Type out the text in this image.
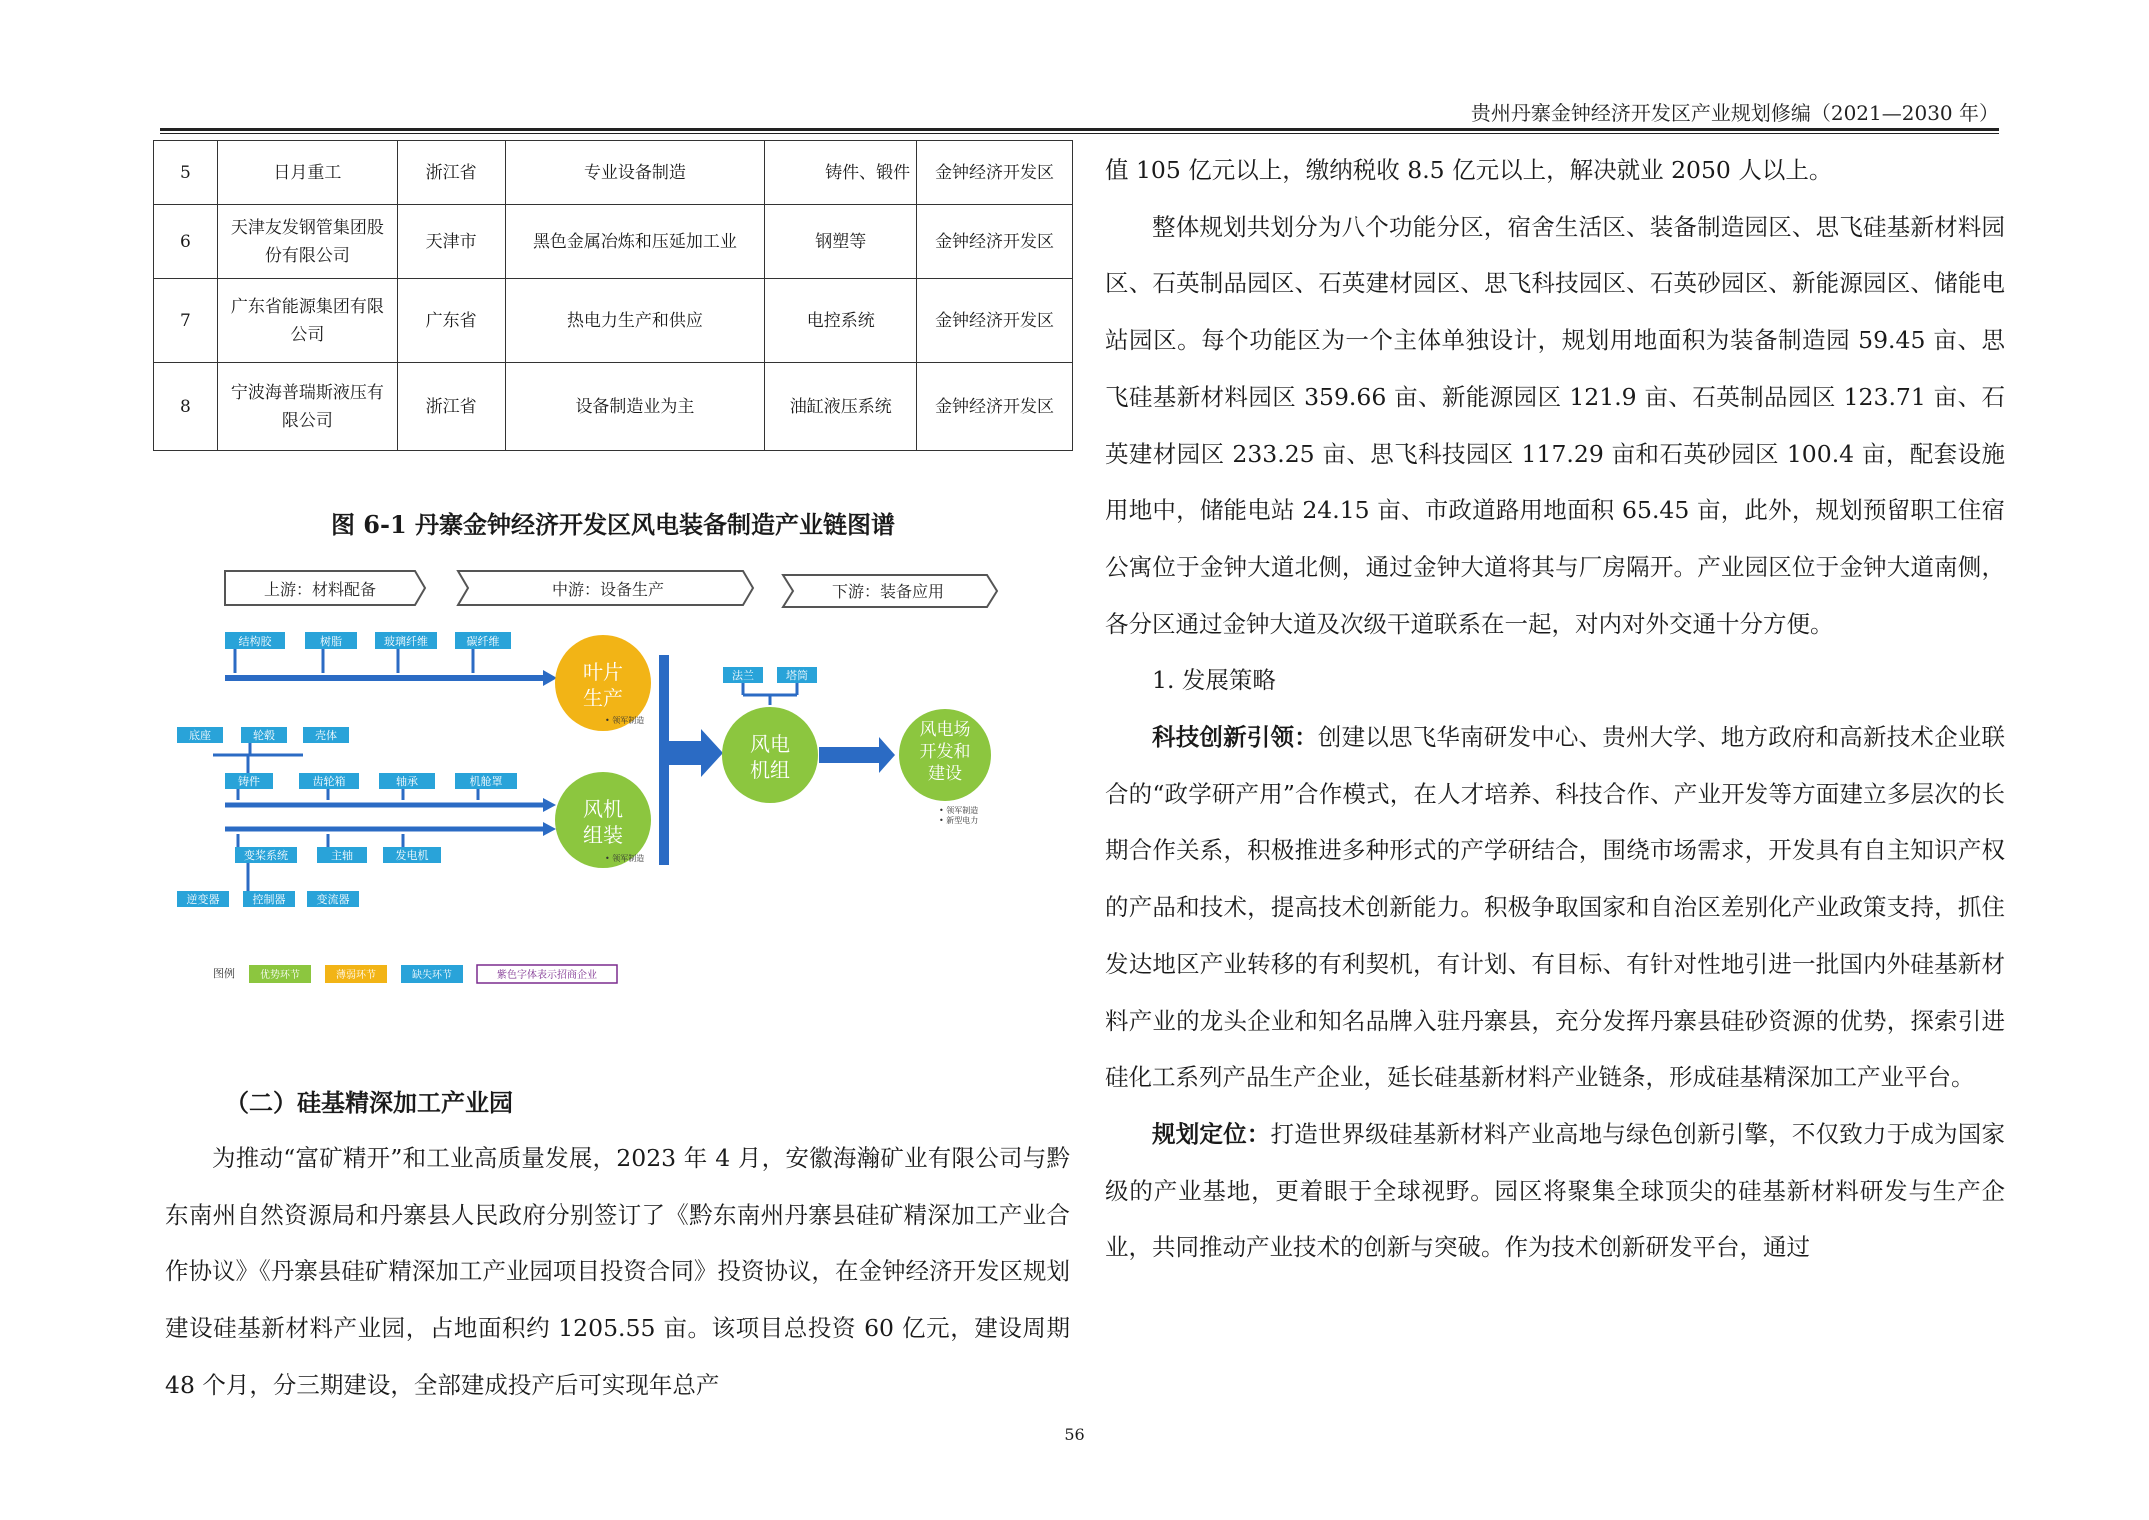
贵州丹寨金钟经济开发区产业规划修编（2021—2030 年）
5	日月重工	浙江省	专业设备制造	铸件、锻件	金钟经济开发区
6	天津友发钢管集团股份有限公司	天津市	黑色金属冶炼和压延加工业	钢塑等	金钟经济开发区
7	广东省能源集团有限公司	广东省	热电力生产和供应	电控系统	金钟经济开发区
8	宁波海普瑞斯液压有限公司	浙江省	设备制造业为主	油缸液压系统	金钟经济开发区
图 6-1 丹寨金钟经济开发区风电装备制造产业链图谱
上游：材料配备	中游：设备生产	下游：装备应用
结构胶	树脂	玻璃纤维	碳纤维
叶片生产
• 领军制造
底座	轮毂	壳体
铸件	齿轮箱	轴承	机舱罩
变桨系统	主轴	发电机
逆变器	控制器	变流器
风机组装
• 领军制造
法兰	塔筒
风电机组
风电场开发和建设
• 领军制造
• 新型电力
图例	优势环节	薄弱环节	缺失环节	紫色字体表示招商企业
（二）硅基精深加工产业园
为推动“富矿精开”和工业高质量发展，2023 年 4 月，安徽海瀚矿业有限公司与黔东南州自然资源局和丹寨县人民政府分别签订了《黔东南州丹寨县硅矿精深加工产业合作协议》《丹寨县硅矿精深加工产业园项目投资合同》投资协议，在金钟经济开发区规划建设硅基新材料产业园，占地面积约 1205.55 亩。该项目总投资 60 亿元，建设周期 48 个月，分三期建设，全部建成投产后可实现年总产

值 105 亿元以上，缴纳税收 8.5 亿元以上，解决就业 2050 人以上。

整体规划共划分为八个功能分区，宿舍生活区、装备制造园区、思飞硅基新材料园区、石英制品园区、石英建材园区、思飞科技园区、石英砂园区、新能源园区、储能电站园区。每个功能区为一个主体单独设计，规划用地面积为装备制造园 59.45 亩、思飞硅基新材料园区 359.66 亩、新能源园区 121.9 亩、石英制品园区 123.71 亩、石英建材园区 233.25 亩、思飞科技园区 117.29 亩和石英砂园区 100.4 亩，配套设施用地中，储能电站 24.15 亩、市政道路用地面积 65.45 亩，此外，规划预留职工住宿公寓位于金钟大道北侧，通过金钟大道将其与厂房隔开。产业园区位于金钟大道南侧，各分区通过金钟大道及次级干道联系在一起，对内对外交通十分方便。

1. 发展策略

科技创新引领：创建以思飞华南研发中心、贵州大学、地方政府和高新技术企业联合的“政学研产用”合作模式，在人才培养、科技合作、产业开发等方面建立多层次的长期合作关系，积极推进多种形式的产学研结合，围绕市场需求，开发具有自主知识产权的产品和技术，提高技术创新能力。积极争取国家和自治区差别化产业政策支持，抓住发达地区产业转移的有利契机，有计划、有目标、有针对性地引进一批国内外硅基新材料产业的龙头企业和知名品牌入驻丹寨县，充分发挥丹寨县硅砂资源的优势，探索引进硅化工系列产品生产企业，延长硅基新材料产业链条，形成硅基精深加工产业平台。

规划定位：打造世界级硅基新材料产业高地与绿色创新引擎，不仅致力于成为国家级的产业基地，更着眼于全球视野。园区将聚集全球顶尖的硅基新材料研发与生产企业，共同推动产业技术的创新与突破。作为技术创新研发平台，通过

56
